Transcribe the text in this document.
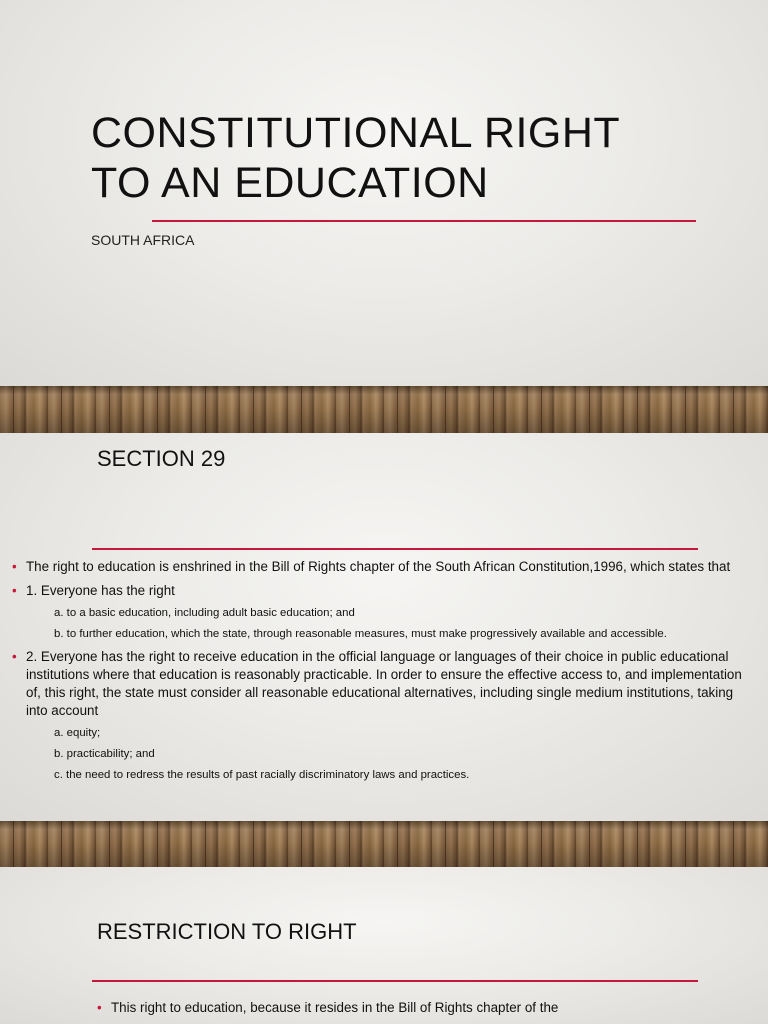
CONSTITUTIONAL RIGHT
TO AN EDUCATION
SOUTH AFRICA
SECTION 29
• The right to education is enshrined in the Bill of Rights chapter of the South African Constitution,1996, which states that
• 1. Everyone has the right
a. to a basic education, including adult basic education; and
b. to further education, which the state, through reasonable measures, must make progressively available and accessible.
• 2. Everyone has the right to receive education in the official language or languages of their choice in public educational institutions where that education is reasonably practicable. In order to ensure the effective access to, and implementation of, this right, the state must consider all reasonable educational alternatives, including single medium institutions, taking into account
a. equity;
b. practicability; and
c. the need to redress the results of past racially discriminatory laws and practices.
RESTRICTION TO RIGHT
• This right to education, because it resides in the Bill of Rights chapter of the
